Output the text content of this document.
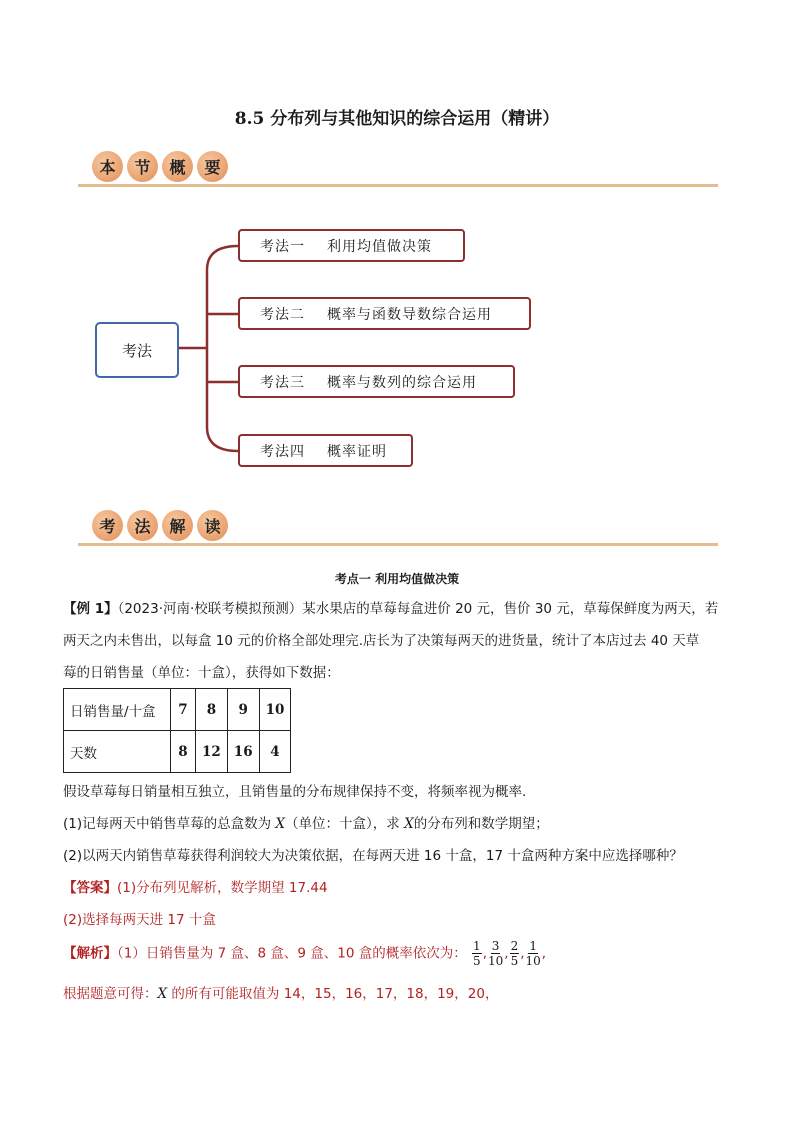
8.5 分布列与其他知识的综合运用（精讲）
本	节	概	要
考法
考法一 利用均值做决策
考法二 概率与函数导数综合运用
考法三 概率与数列的综合运用
考法四 概率证明
考	法	解	读
考点一 利用均值做决策
【例 1】（2023·河南·校联考模拟预测）某水果店的草莓每盒进价 20 元，售价 30 元，草莓保鲜度为两天，若
两天之内未售出，以每盒 10 元的价格全部处理完.店长为了决策每两天的进货量，统计了本店过去 40 天草
莓的日销售量（单位：十盒），获得如下数据：
日销售量/十盒	7	8	9	10
天数	8	12	16	4
假设草莓每日销量相互独立，且销售量的分布规律保持不变，将频率视为概率.
(1)记每两天中销售草莓的总盒数为 X（单位：十盒），求 X的分布列和数学期望；
(2)以两天内销售草莓获得利润较大为决策依据，在每两天进 16 十盒，17 十盒两种方案中应选择哪种？
【答案】(1)分布列见解析，数学期望 17.44
(2)选择每两天进 17 十盒
【解析】（1）日销售量为 7 盒、8 盒、9 盒、10 盒的概率依次为： $\frac{1}{5}$ , $\frac{3}{10}$ , $\frac{2}{5}$ , $\frac{1}{10}$ ,
根据题意可得：X 的所有可能取值为 14，15，16，17，18，19，20，
